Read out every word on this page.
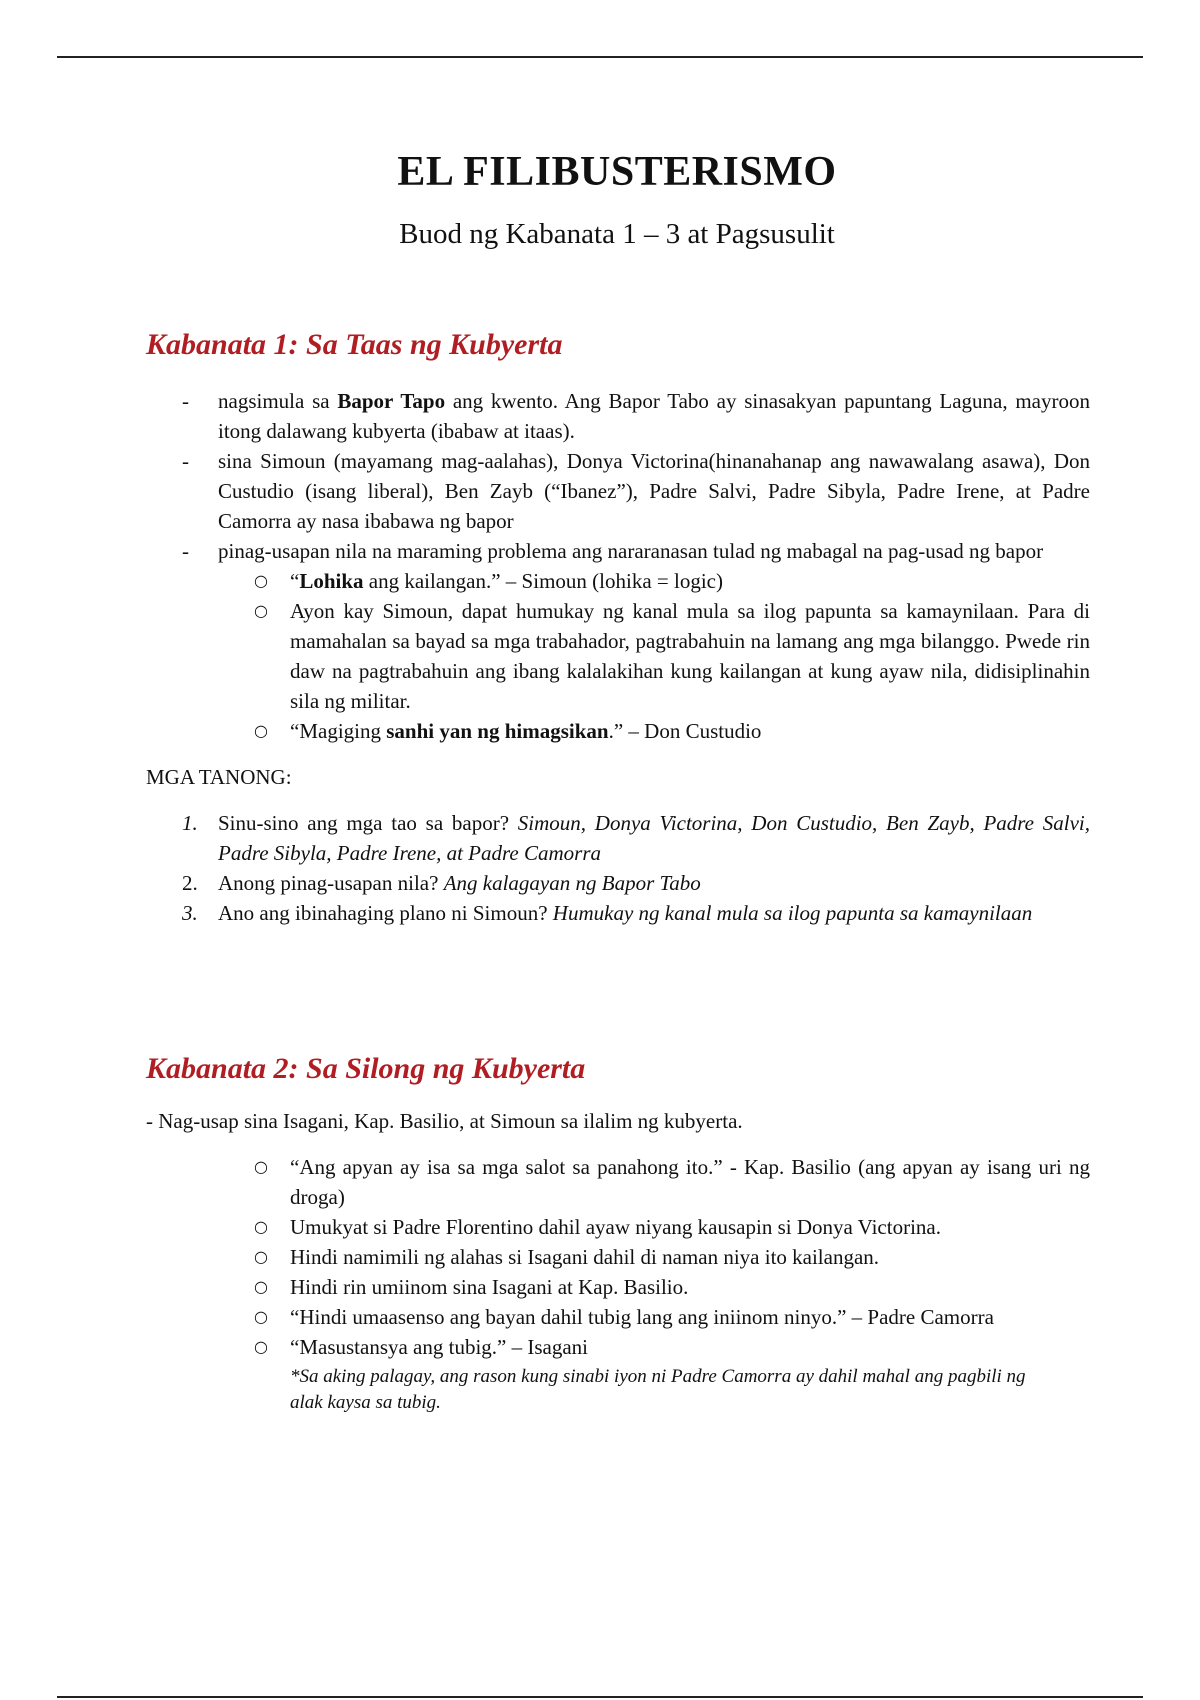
EL FILIBUSTERISMO
Buod ng Kabanata 1 – 3 at Pagsusulit
Kabanata 1: Sa Taas ng Kubyerta
- nagsimula sa Bapor Tapo ang kwento. Ang Bapor Tabo ay sinasakyan papuntang Laguna, mayroon itong dalawang kubyerta (ibabaw at itaas).
- sina Simoun (mayamang mag-aalahas), Donya Victorina(hinanahanap ang nawawalang asawa), Don Custudio (isang liberal), Ben Zayb (“Ibanez”), Padre Salvi, Padre Sibyla, Padre Irene, at Padre Camorra ay nasa ibabawa ng bapor
- pinag-usapan nila na maraming problema ang nararanasan tulad ng mabagal na pag-usad ng bapor
○ “Lohika ang kailangan.” – Simoun (lohika = logic)
○ Ayon kay Simoun, dapat humukay ng kanal mula sa ilog papunta sa kamaynilaan. Para di mamahalan sa bayad sa mga trabahador, pagtrabahuin na lamang ang mga bilanggo. Pwede rin daw na pagtrabahuin ang ibang kalalakihan kung kailangan at kung ayaw nila, didisiplinahin sila ng militar.
○ “Magiging sanhi yan ng himagsikan.” – Don Custudio
MGA TANONG:
1. Sinu-sino ang mga tao sa bapor? Simoun, Donya Victorina, Don Custudio, Ben Zayb, Padre Salvi, Padre Sibyla, Padre Irene, at Padre Camorra
2. Anong pinag-usapan nila? Ang kalagayan ng Bapor Tabo
3. Ano ang ibinahaging plano ni Simoun? Humukay ng kanal mula sa ilog papunta sa kamaynilaan
Kabanata 2: Sa Silong ng Kubyerta
- Nag-usap sina Isagani, Kap. Basilio, at Simoun sa ilalim ng kubyerta.
○ “Ang apyan ay isa sa mga salot sa panahong ito.” - Kap. Basilio (ang apyan ay isang uri ng droga)
○ Umukyat si Padre Florentino dahil ayaw niyang kausapin si Donya Victorina.
○ Hindi namimili ng alahas si Isagani dahil di naman niya ito kailangan.
○ Hindi rin umiinom sina Isagani at Kap. Basilio.
○ “Hindi umaasenso ang bayan dahil tubig lang ang iniinom ninyo.” – Padre Camorra
○ “Masustansya ang tubig.” – Isagani
*Sa aking palagay, ang rason kung sinabi iyon ni Padre Camorra ay dahil mahal ang pagbili ng alak kaysa sa tubig.
